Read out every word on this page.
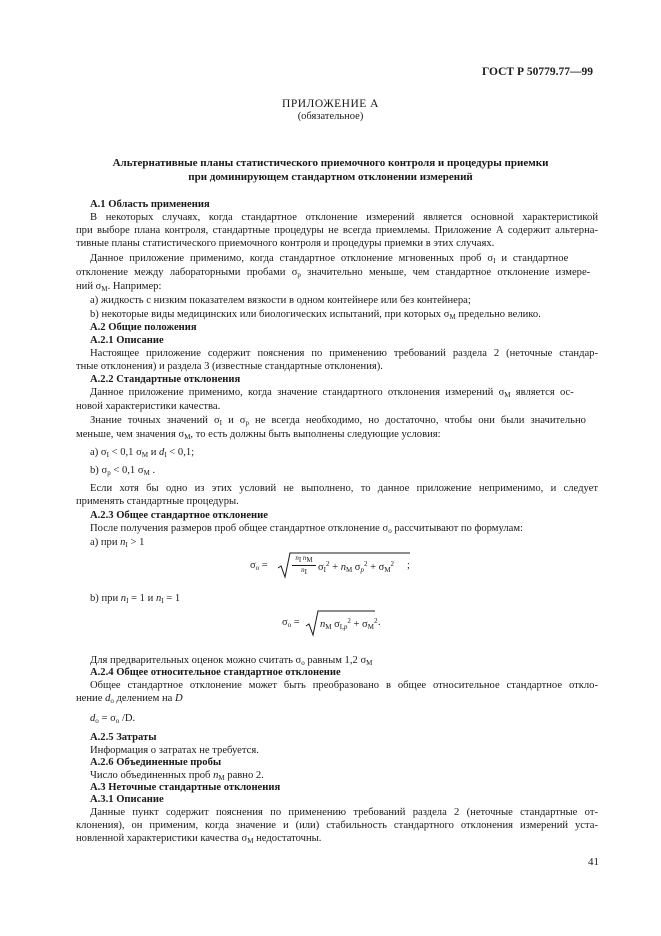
ГОСТ Р 50779.77—99
ПРИЛОЖЕНИЕ А
(обязательное)
Альтернативные планы статистического приемочного контроля и процедуры приемки
при доминирующем стандартном отклонении измерений
А.1 Область применения
В некоторых случаях, когда стандартное отклонение измерений является основной характеристикой
при выборе плана контроля, стандартные процедуры не всегда приемлемы. Приложение А содержит альтерна-
тивные планы статистического приемочного контроля и процедуры приемки в этих случаях.
Данное приложение применимо, когда стандартное отклонение мгновенных проб $\sigma_I$ и стандартное
отклонение между лабораторными пробами $\sigma_p$ значительно меньше, чем стандартное отклонение измере-
ний $\sigma_M$. Например:
а) жидкость с низким показателем вязкости в одном контейнере или без контейнера;
b) некоторые виды медицинских или биологических испытаний, при которых $\sigma_M$ предельно велико.
А.2 Общие положения
А.2.1 Описание
Настоящее приложение содержит пояснения по применению требований раздела 2 (неточные стандар-
тные отклонения) и раздела 3 (известные стандартные отклонения).
А.2.2 Стандартные отклонения
Данное приложение применимо, когда значение стандартного отклонения измерений $\sigma_M$ является ос-
новой характеристики качества.
Знание точных значений $\sigma_I$ и $\sigma_p$ не всегда необходимо, но достаточно, чтобы они были значительно
меньше, чем значения $\sigma_M$, то есть должны быть выполнены следующие условия:
a) $\sigma_I < 0,1$ $\sigma_M$ и $d_I < 0,1$;
b) $\sigma_p < 0,1$ $\sigma_M$ .
Если хотя бы одно из этих условий не выполнено, то данное приложение неприменимо, и следует
применять стандартные процедуры.
А.2.3 Общее стандартное отклонение
После получения размеров проб общее стандартное отклонение $\sigma_о$ рассчитывают по формулам:
а) при $n_I > 1$
$\sigma_о$ =
$n_I$ $n_M$
$n_I$	$\sigma_I^2 + n_M$ $\sigma_p^2 + \sigma_M^2$ ;
b) при $n_I = 1$ и $n_I = 1$
$\sigma_о = n_M$ $\sigma_{I,p}^2 + \sigma_M^2$ .
Для предварительных оценок можно считать $\sigma_о$ равным 1,2 $\sigma_M$
А.2.4 Общее относительное стандартное отклонение
Общее стандартное отклонение может быть преобразовано в общее относительное стандартное откло-
нение $d_о$ делением на D
$d_о = \sigma_о$ /D.
А.2.5 Затраты
Информация о затратах не требуется.
А.2.6 Объединенные пробы
Число объединенных проб $n_M$ равно 2.
А.3 Неточные стандартные отклонения
А.3.1 Описание
Данные пункт содержит пояснения по применению требований раздела 2 (неточные стандартные от-
клонения), он применим, когда значение и (или) стабильность стандартного отклонения измерений уста-
новленной характеристики качества $\sigma_M$ недостаточны.
41
